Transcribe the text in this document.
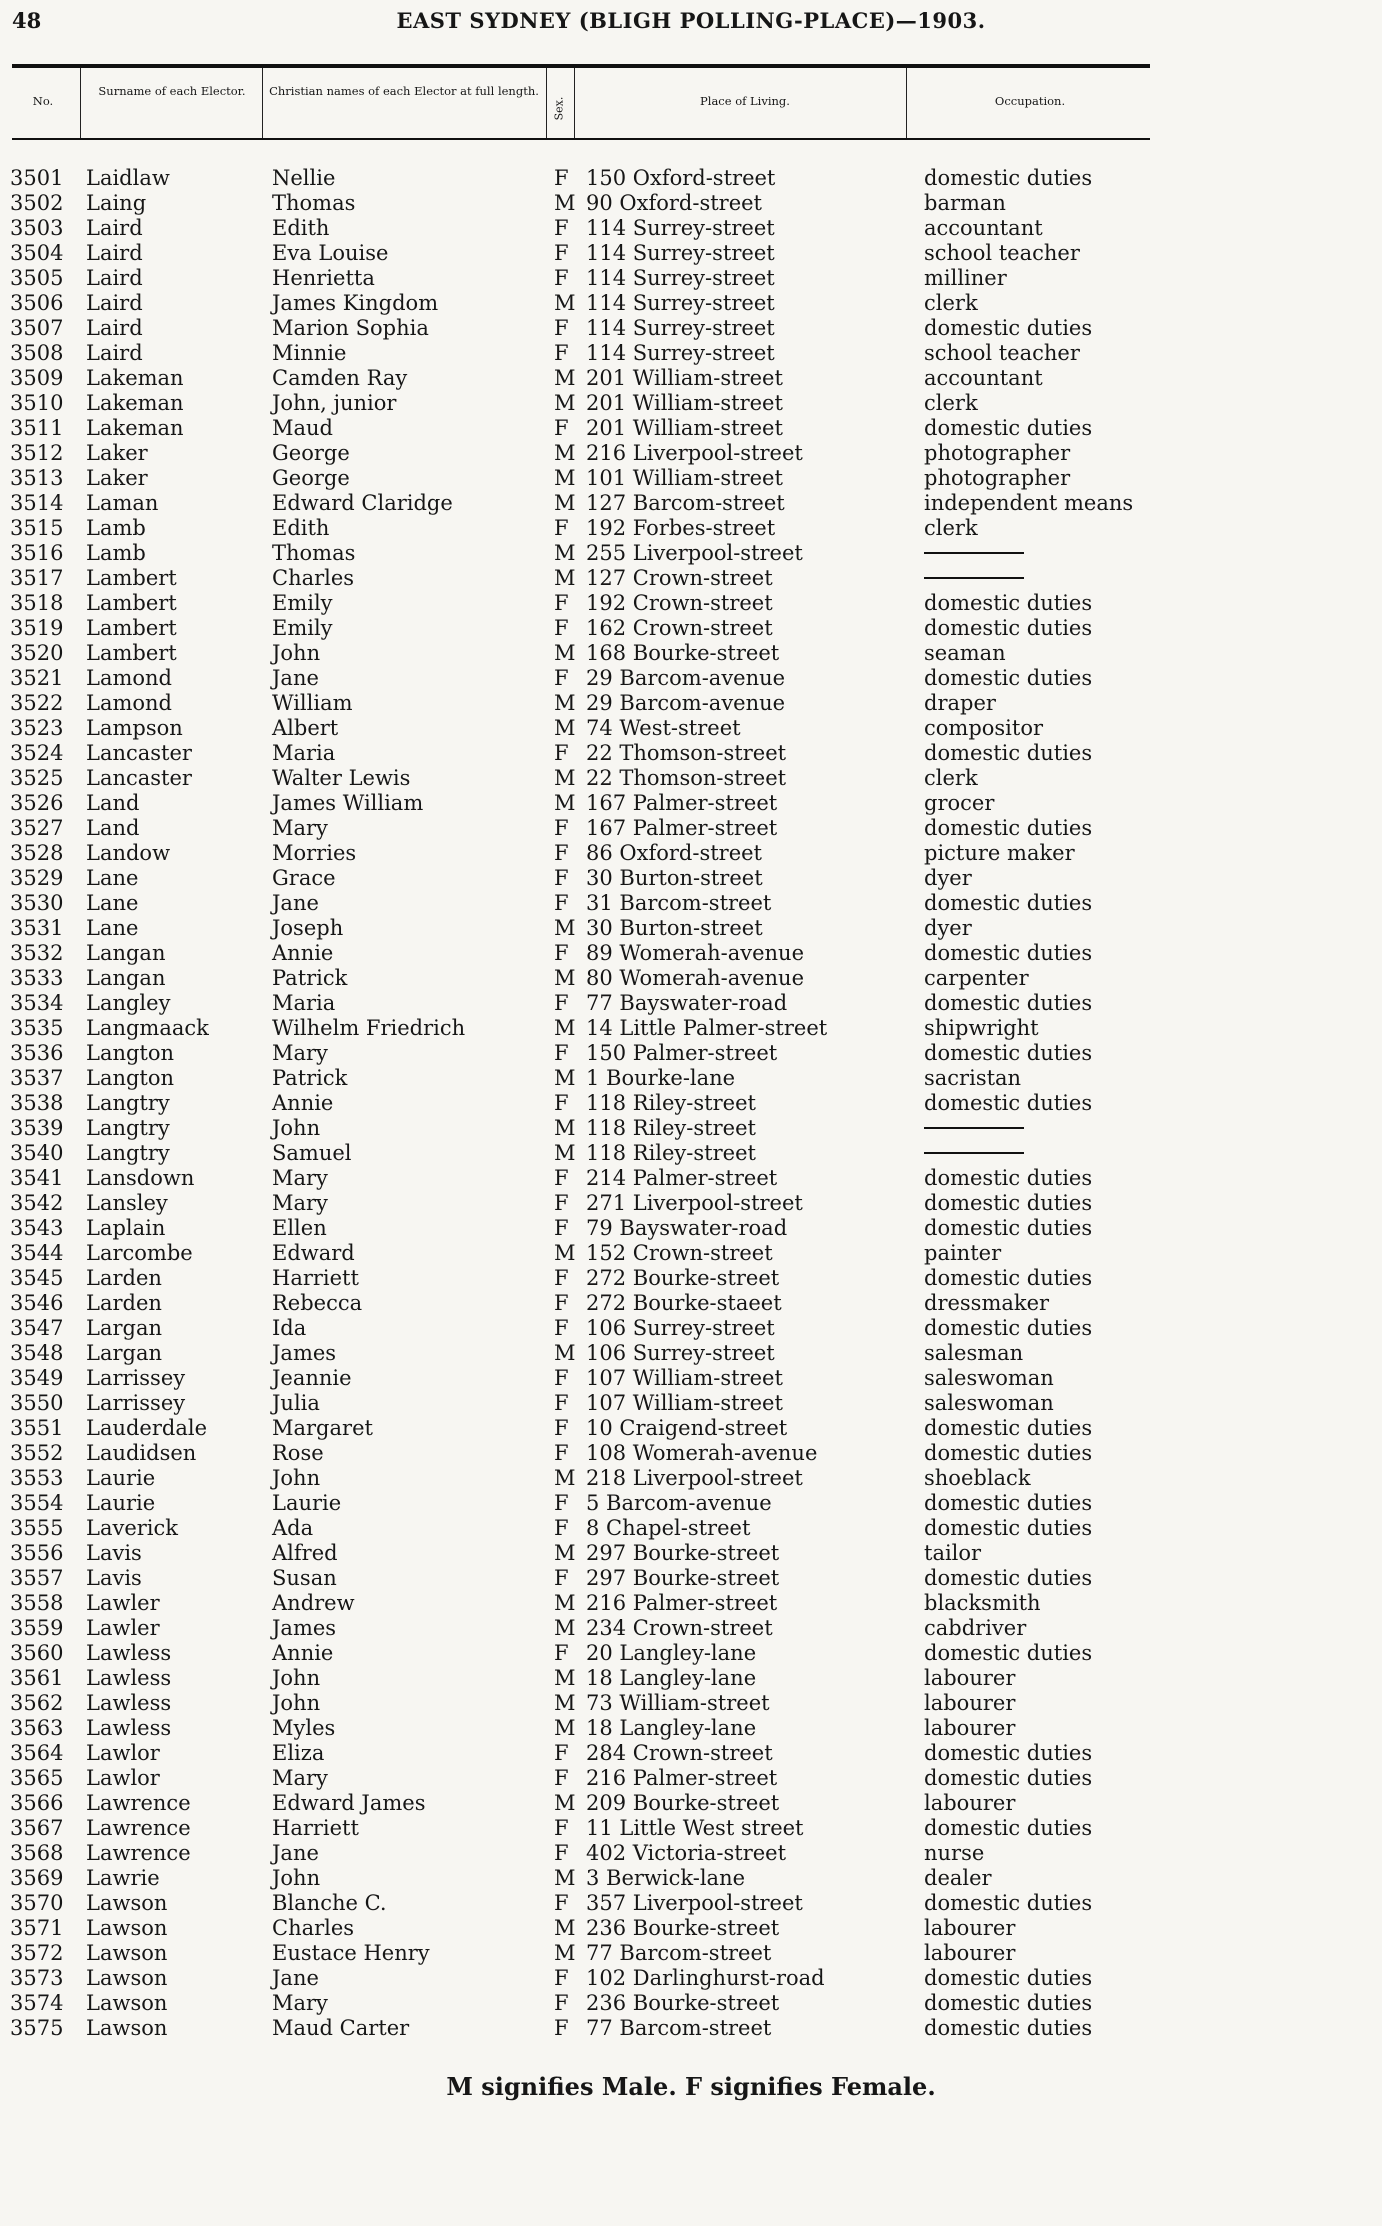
48	EAST SYDNEY (BLIGH POLLING-PLACE)—1903.
No.
Surname of each Elector.	Christian names of each Elector at full length.
Sex.	Place of Living.	Occupation.
3501	Laidlaw	Nellie	F 150 Oxford-street	domestic duties
3502	Laing	Thomas	M 90 Oxford-street	barman
3503	Laird	Edith	F 114 Surrey-street	accountant
3504	Laird	Eva Louise	F 114 Surrey-street	school teacher
3505	Laird	Henrietta	F 114 Surrey-street	milliner
3506	Laird	James Kingdom	M 114 Surrey-street	clerk
3507	Laird	Marion Sophia	F 114 Surrey-street	domestic duties
3508	Laird	Minnie	F 114 Surrey-street	school teacher
3509	Lakeman	Camden Ray	M 201 William-street	accountant
3510	Lakeman	John, junior	M 201 William-street	clerk
3511	Lakeman	Maud	F 201 William-street	domestic duties
3512	Laker	George	M 216 Liverpool-street	photographer
3513	Laker	George	M 101 William-street	photographer
3514	Laman	Edward Claridge	M 127 Barcom-street	independent means
3515	Lamb	Edith	F 192 Forbes-street	clerk
3516	Lamb	Thomas	M 255 Liverpool-street
3517	Lambert	Charles	M 127 Crown-street
3518	Lambert	Emily	F 192 Crown-street	domestic duties
3519	Lambert	Emily	F 162 Crown-street	domestic duties
3520	Lambert	John	M 168 Bourke-street	seaman
3521	Lamond	Jane	F 29 Barcom-avenue	domestic duties
3522	Lamond	William	M 29 Barcom-avenue	draper
3523	Lampson	Albert	M 74 West-street	compositor
3524	Lancaster	Maria	F 22 Thomson-street	domestic duties
3525	Lancaster	Walter Lewis	M 22 Thomson-street	clerk
3526	Land	James William	M 167 Palmer-street	grocer
3527	Land	Mary	F 167 Palmer-street	domestic duties
3528	Landow	Morries	F 86 Oxford-street	picture maker
3529	Lane	Grace	F 30 Burton-street	dyer
3530	Lane	Jane	F 31 Barcom-street	domestic duties
3531	Lane	Joseph	M 30 Burton-street	dyer
3532	Langan	Annie	F 89 Womerah-avenue	domestic duties
3533	Langan	Patrick	M 80 Womerah-avenue	carpenter
3534	Langley	Maria	F 77 Bayswater-road	domestic duties
3535	Langmaack	Wilhelm Friedrich	M 14 Little Palmer-street	shipwright
3536	Langton	Mary	F 150 Palmer-street	domestic duties
3537	Langton	Patrick	M 1 Bourke-lane	sacristan
3538	Langtry	Annie	F 118 Riley-street	domestic duties
3539	Langtry	John	M 118 Riley-street
3540	Langtry	Samuel	M 118 Riley-street
3541	Lansdown	Mary	F 214 Palmer-street	domestic duties
3542	Lansley	Mary	F 271 Liverpool-street	domestic duties
3543	Laplain	Ellen	F 79 Bayswater-road	domestic duties
3544	Larcombe	Edward	M 152 Crown-street	painter
3545	Larden	Harriett	F 272 Bourke-street	domestic duties
3546	Larden	Rebecca	F 272 Bourke-staeet	dressmaker
3547	Largan	Ida	F 106 Surrey-street	domestic duties
3548	Largan	James	M 106 Surrey-street	salesman
3549	Larrissey	Jeannie	F 107 William-street	saleswoman
3550	Larrissey	Julia	F 107 William-street	saleswoman
3551	Lauderdale	Margaret	F 10 Craigend-street	domestic duties
3552	Laudidsen	Rose	F 108 Womerah-avenue	domestic duties
3553	Laurie	John	M 218 Liverpool-street	shoeblack
3554	Laurie	Laurie	F 5 Barcom-avenue	domestic duties
3555	Laverick	Ada	F 8 Chapel-street	domestic duties
3556	Lavis	Alfred	M 297 Bourke-street	tailor
3557	Lavis	Susan	F 297 Bourke-street	domestic duties
3558	Lawler	Andrew	M 216 Palmer-street	blacksmith
3559	Lawler	James	M 234 Crown-street	cabdriver
3560	Lawless	Annie	F 20 Langley-lane	domestic duties
3561	Lawless	John	M 18 Langley-lane	labourer
3562	Lawless	John	M 73 William-street	labourer
3563	Lawless	Myles	M 18 Langley-lane	labourer
3564	Lawlor	Eliza	F 284 Crown-street	domestic duties
3565	Lawlor	Mary	F 216 Palmer-street	domestic duties
3566	Lawrence	Edward James	M 209 Bourke-street	labourer
3567	Lawrence	Harriett	F 11 Little West street	domestic duties
3568	Lawrence	Jane	F 402 Victoria-street	nurse
3569	Lawrie	John	M 3 Berwick-lane	dealer
3570	Lawson	Blanche C.	F 357 Liverpool-street	domestic duties
3571	Lawson	Charles	M 236 Bourke-street	labourer
3572	Lawson	Eustace Henry	M 77 Barcom-street	labourer
3573	Lawson	Jane	F 102 Darlinghurst-road	domestic duties
3574	Lawson	Mary	F 236 Bourke-street	domestic duties
3575	Lawson	Maud Carter	F 77 Barcom-street	domestic duties
M signifies Male. F signifies Female.
